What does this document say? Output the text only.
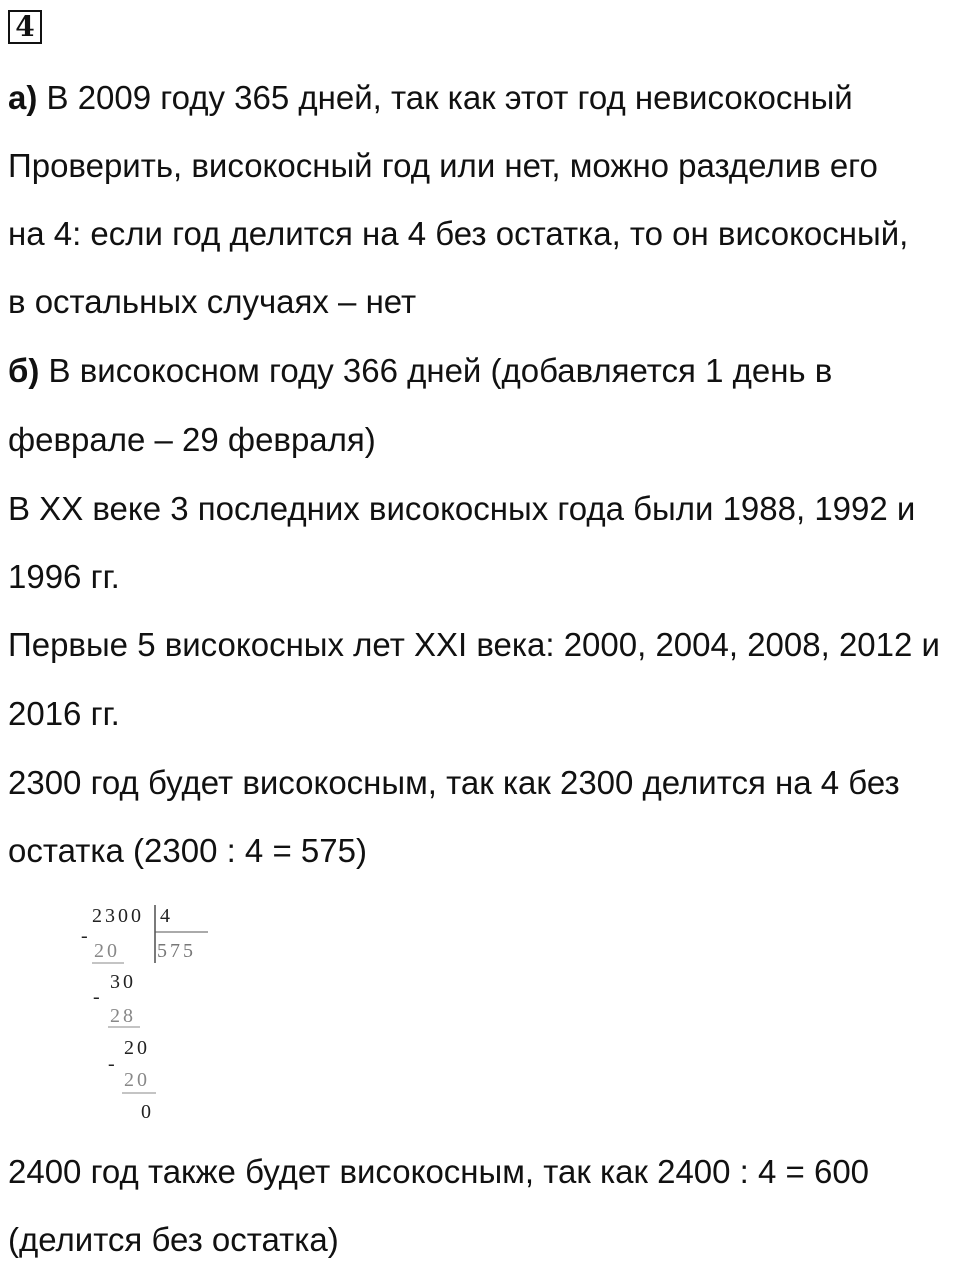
4
а) В 2009 году 365 дней, так как этот год невисокосный
Проверить, високосный год или нет, можно разделив его
на 4: если год делится на 4 без остатка, то он високосный,
в остальных случаях – нет
б) В високосном году 366 дней (добавляется 1 день в
феврале – 29 февраля)
В XX веке 3 последних високосных года были 1988, 1992 и
1996 гг.
Первые 5 високосных лет XXI века: 2000, 2004, 2008, 2012 и
2016 гг.
2300 год будет високосным, так как 2300 делится на 4 без
остатка (2300 : 4 = 575)
2300 4
575
-
20
30
-
28
20
-
20
0
2400 год также будет високосным, так как 2400 : 4 = 600
(делится без остатка)
